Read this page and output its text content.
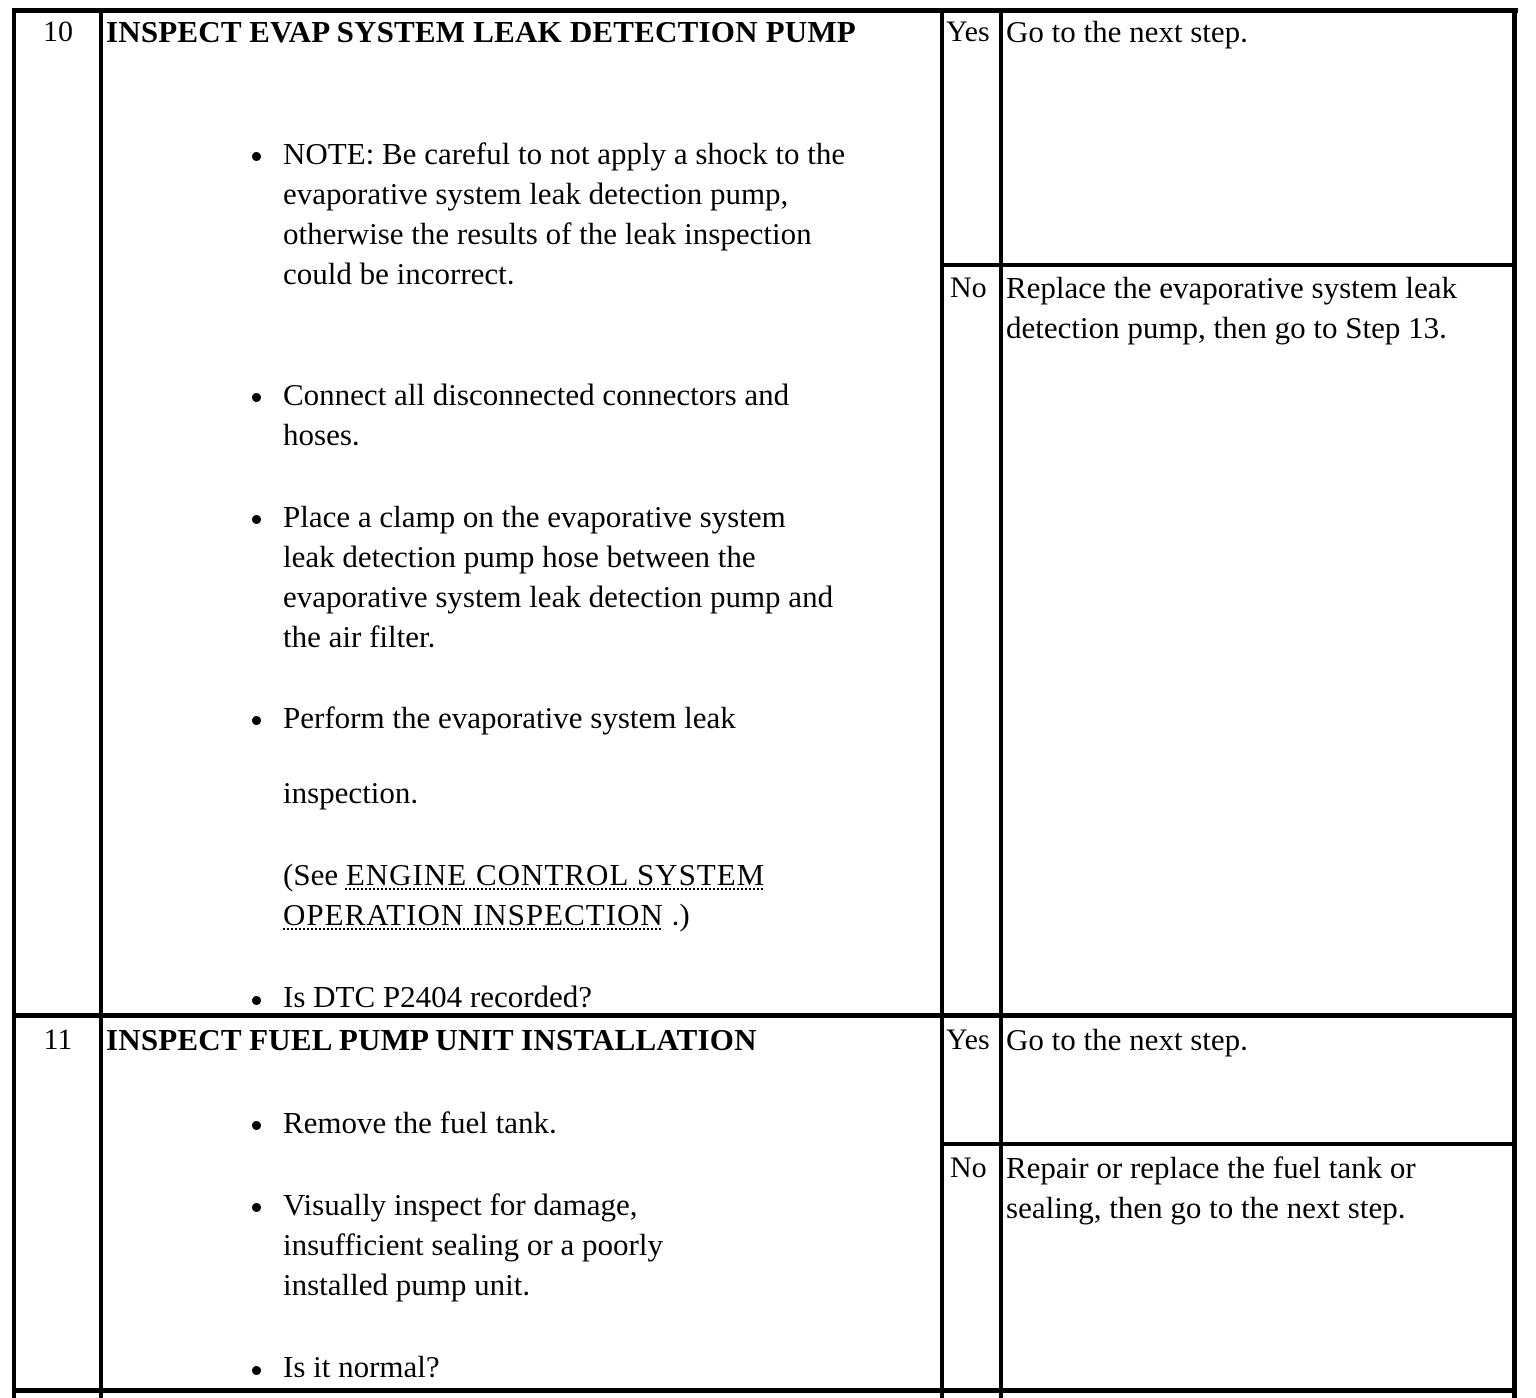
10	INSPECT EVAP SYSTEM LEAK DETECTION PUMP
NOTE: Be careful to not apply a shock to the evaporative system leak detection pump, otherwise the results of the leak inspection could be incorrect.
Connect all disconnected connectors and hoses.
Place a clamp on the evaporative system leak detection pump hose between the evaporative system leak detection pump and the air filter.
Perform the evaporative system leak
inspection.
(See ENGINE CONTROL SYSTEM OPERATION INSPECTION .)
Is DTC P2404 recorded?
Yes Go to the next step.
No Replace the evaporative system leak detection pump, then go to Step 13.
11	INSPECT FUEL PUMP UNIT INSTALLATION
Remove the fuel tank.
Visually inspect for damage, insufficient sealing or a poorly installed pump unit.
Is it normal?
Yes Go to the next step.
No Repair or replace the fuel tank or sealing, then go to the next step.
